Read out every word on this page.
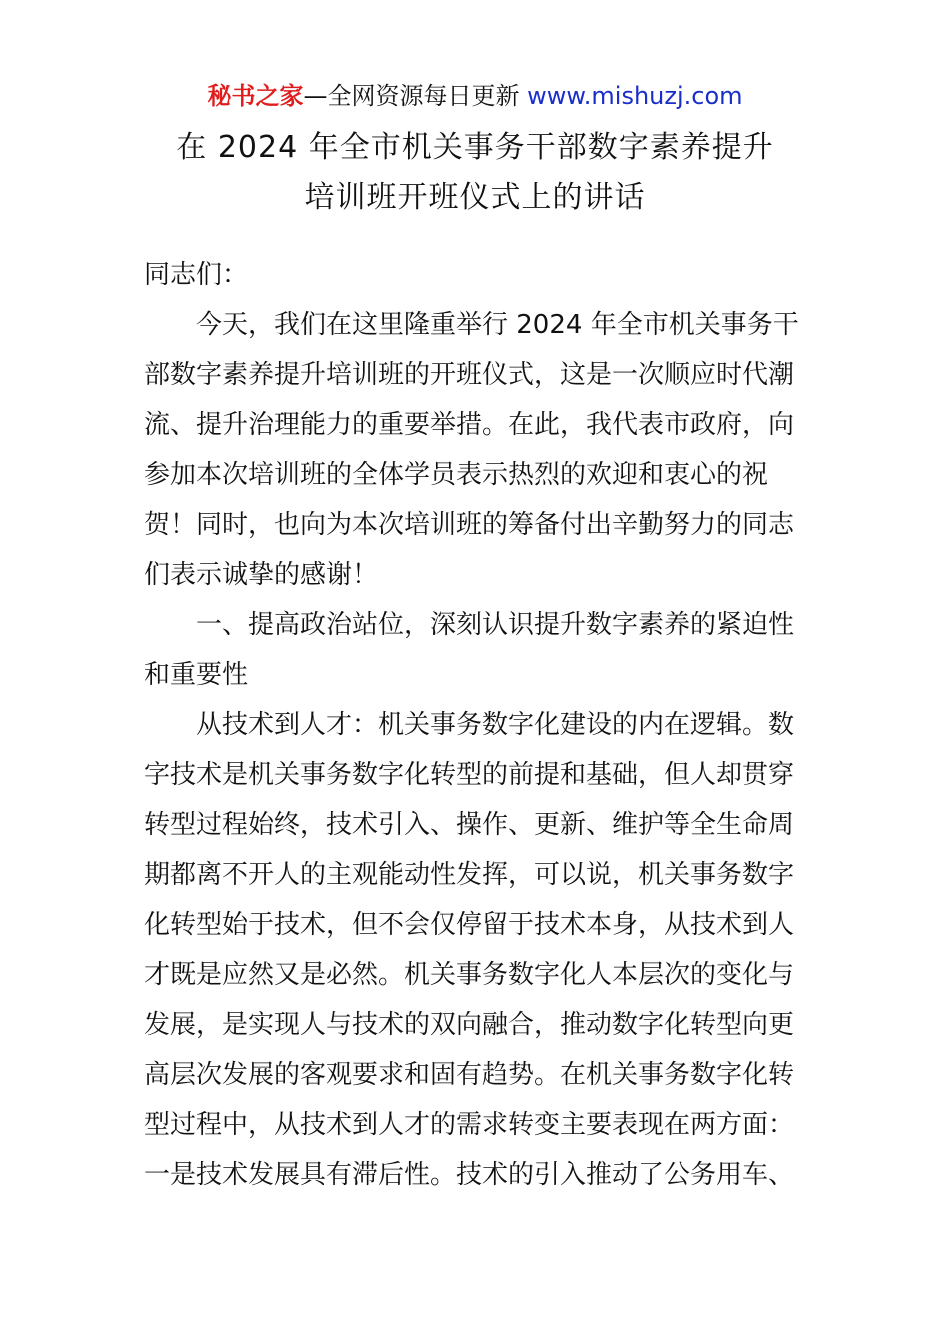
秘书之家—全网资源每日更新 www.mishuzj.com
在 2024 年全市机关事务干部数字素养提升
培训班开班仪式上的讲话

同志们：

今天，我们在这里隆重举行 2024 年全市机关事务干部数字素养提升培训班的开班仪式，这是一次顺应时代潮流、提升治理能力的重要举措。在此，我代表市政府，向参加本次培训班的全体学员表示热烈的欢迎和衷心的祝贺！同时，也向为本次培训班的筹备付出辛勤努力的同志们表示诚挚的感谢！

一、提高政治站位，深刻认识提升数字素养的紧迫性和重要性

从技术到人才：机关事务数字化建设的内在逻辑。数字技术是机关事务数字化转型的前提和基础，但人却贯穿转型过程始终，技术引入、操作、更新、维护等全生命周期都离不开人的主观能动性发挥，可以说，机关事务数字化转型始于技术，但不会仅停留于技术本身，从技术到人才既是应然又是必然。机关事务数字化人本层次的变化与发展，是实现人与技术的双向融合，推动数字化转型向更高层次发展的客观要求和固有趋势。在机关事务数字化转型过程中，从技术到人才的需求转变主要表现在两方面：一是技术发展具有滞后性。技术的引入推动了公务用车、
